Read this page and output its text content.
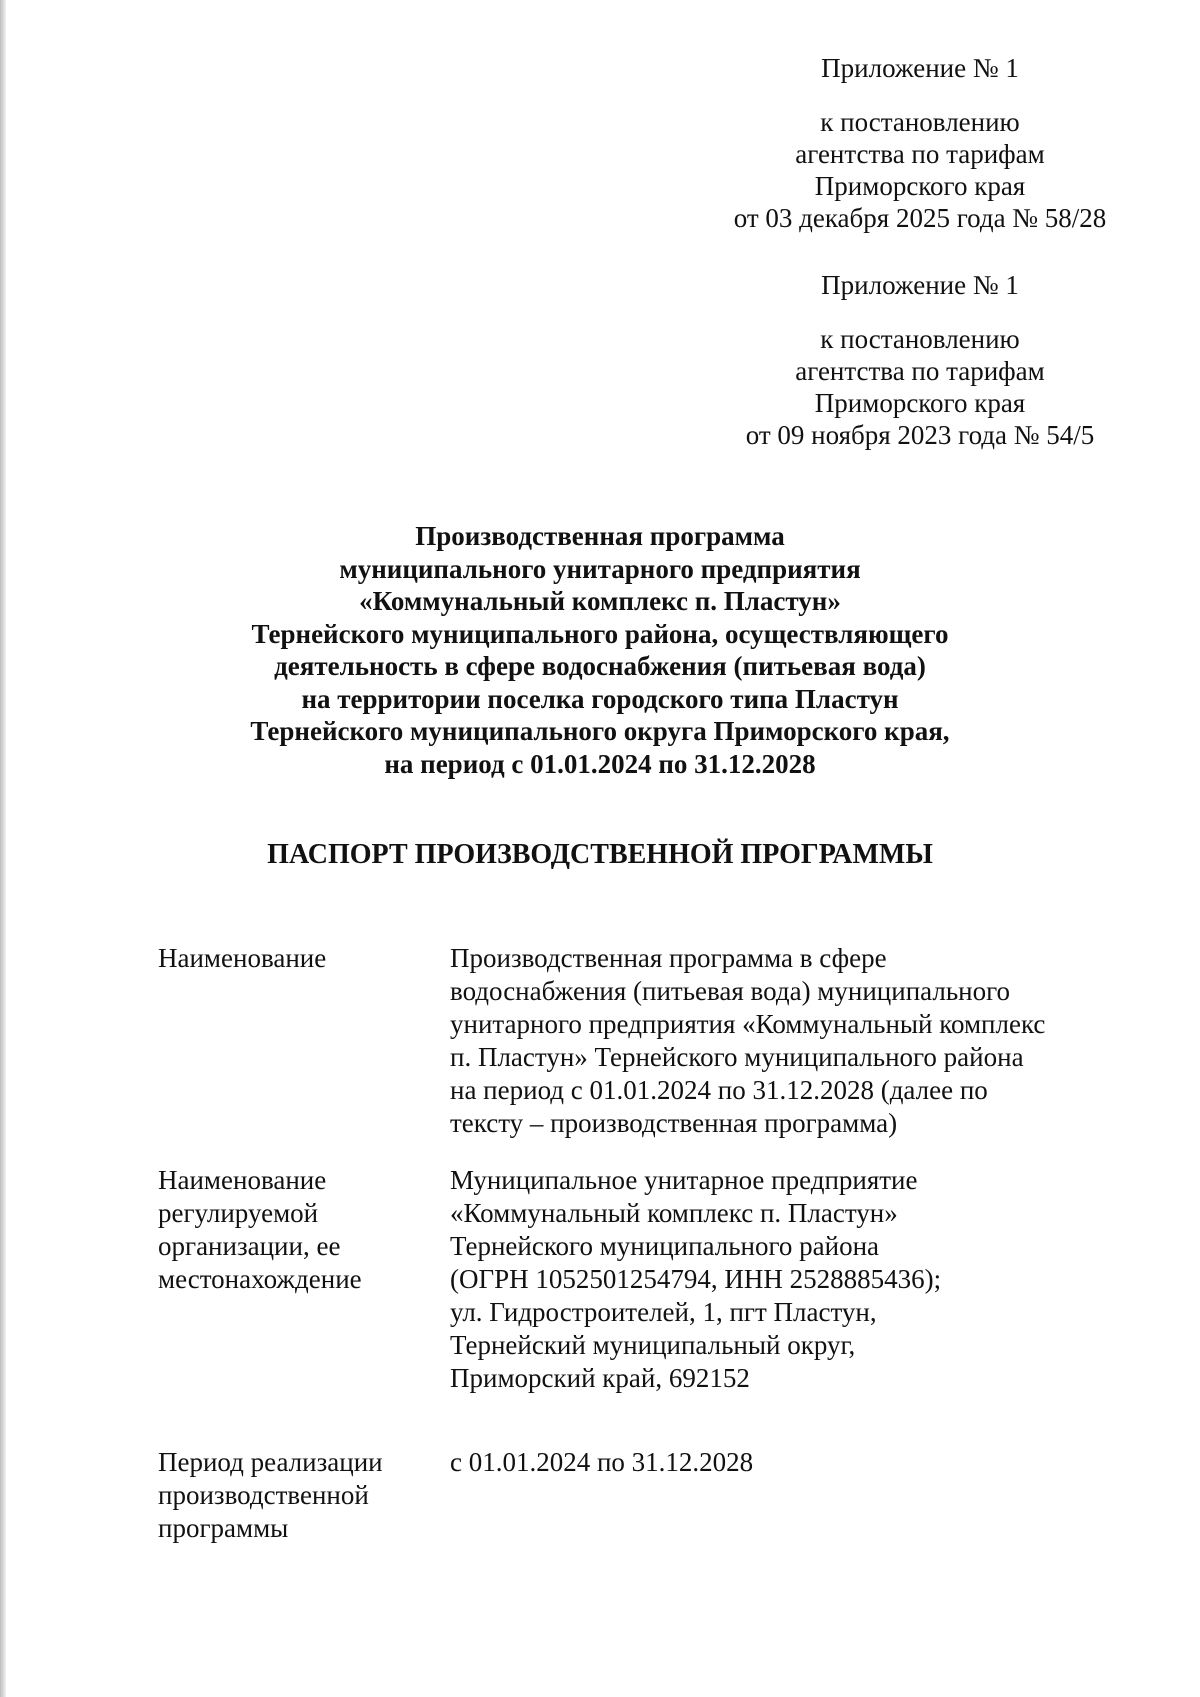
Приложение № 1
к постановлению
агентства по тарифам
Приморского края
от 03 декабря 2025 года № 58/28
Приложение № 1
к постановлению
агентства по тарифам
Приморского края
от 09 ноября 2023 года № 54/5
Производственная программа
муниципального унитарного предприятия
«Коммунальный комплекс п. Пластун»
Тернейского муниципального района, осуществляющего
деятельность в сфере водоснабжения (питьевая вода)
на территории поселка городского типа Пластун
Тернейского муниципального округа Приморского края,
на период с 01.01.2024 по 31.12.2028
ПАСПОРТ ПРОИЗВОДСТВЕННОЙ ПРОГРАММЫ
Наименование	Производственная программа в сфере
водоснабжения (питьевая вода) муниципального
унитарного предприятия «Коммунальный комплекс
п. Пластун» Тернейского муниципального района
на период с 01.01.2024 по 31.12.2028 (далее по
тексту – производственная программа)
Наименование
регулируемой
организации, ее
местонахождение
Муниципальное унитарное предприятие
«Коммунальный комплекс п. Пластун»
Тернейского муниципального района
(ОГРН 1052501254794, ИНН 2528885436);
ул. Гидростроителей, 1, пгт Пластун,
Тернейский муниципальный округ,
Приморский край, 692152
Период реализации
производственной
программы
с 01.01.2024 по 31.12.2028
